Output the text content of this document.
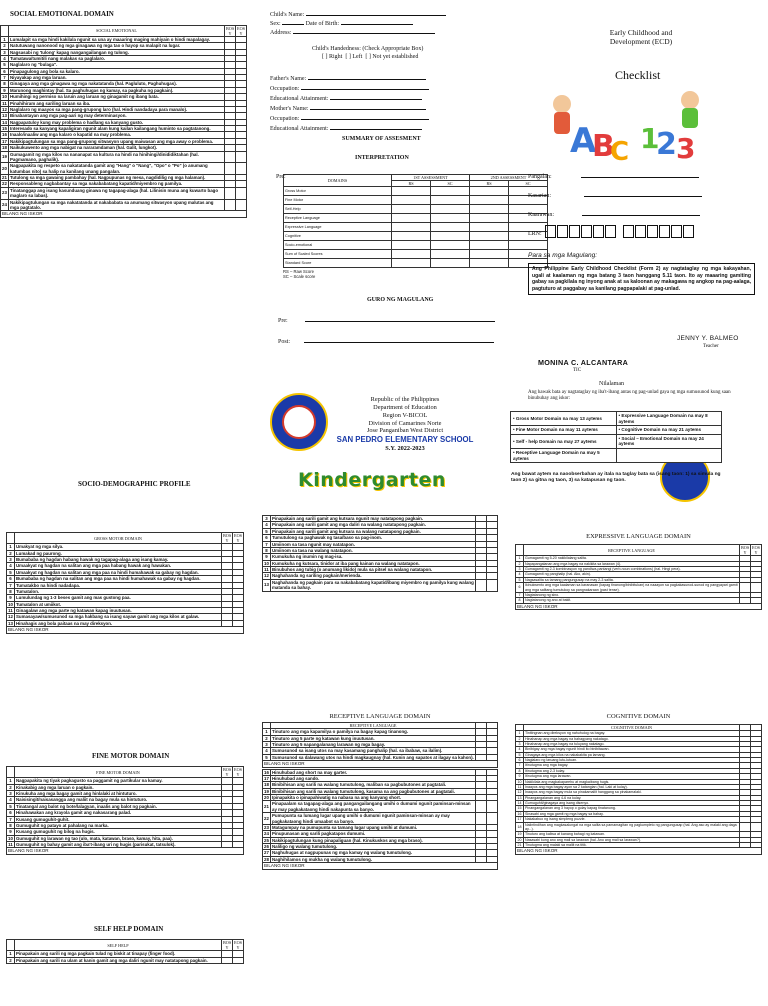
SOCIAL EMOTIONAL DOMAIN
	SOCIAL EMOTIONAL	BOS Y	EOS Y
1	Lumalapit sa mga hindi kakilala ngunit sa una ay maaaring maging mahiyain o hindi mapalagay.		
2	Natutuwang nanonood ng mga ginagawa ng mga tao o hayop sa malapit na lugar.		
3	Nagsasabi ng 'tulong' kapag nangangailangan ng tulong.		
4	Tumatawa/tumitili nang malakas sa paglalaro.		
5	Naglalaro ng "bulaga".		
6	Pinapagulong ang bola sa kalaro.		
7	Niyayakap ang mga laruan.		
8	Ginagaya ang mga ginagawa ng mga nakatatanda (hal. Pagluluto, Paghuhugas).		
9	Marunong maghintay (hal. Sa paghuhugas ng kamay, sa pagkuha ng pagkain).		
10	Humihingi ng permiso na laruin ang laruan ng ginagamit ng ibang bata.		
11	Pinahihiram ang sariling laruan sa iba.		
12	Naglalaro ng maayos sa mga pang-grupong laro (hal. Hindi nandadaya para manalo).		
13	Binabantayan ang mga pag-aari ng may determinasyon.		
14	Nagpapatuloy kung may problema o hadlang sa kanyang gusto.		
15	Interesado sa kanyang kapaligiran ngunit alam kung kailan kailangang huminto sa pagtatanong.		
16	Inaalo/inaaliw ang mga kalaro o kapatid na may problema.		
17	Nakikipagtulungan sa mga pang-grupong sitwasyon upang maiwasan ang mga away o problema.		
18	Naikukuwento ang mga nabigat na nararamdaman (hal. Galit, lungkot).		
19	Gumagamit ng mga kilos na nananapat sa kultura na hindi na hinihingi/dinididiktahan (hal. Pagmamano, paghalik).		
20	Nagpapakita ng respeto sa nakatatanda gamit ang "Hang" o "Nang", "Opo" o "Po" (o anumang katumbas nito) sa halip na kanilang unang pangalan.		
21	Tutulong sa mga gawaing pambahay (hal. Nagpupunas ng mesa, nagdidilig ng mga halaman).		
22	Responsableng nagbabantay sa mga nakababatang kapatid/miyembro ng pamilya.		
23	Tinatanggap ang isang kasunduang ginawa ng tagapag-alaga (hal. Lilinisin muna ang kuwarto bago maglaro sa labas).		
24	Nakikipagtulungan sa mga nakatatanda at nakababata sa anumang sitwasyon upang malutas ang mga pagtatalo.		
BILANG NG ISKOR
SOCIO-DEMOGRAPHIC PROFILE
	GROSS MOTOR DOMAIN	BOS Y	EOS Y
1	Umakyat ng mga silya.		
2	Lumakad ng paurong.		
3	Bumababa ng hagdan habang hawak ng tagapag-alaga ang isang kamay.		
4	Umaakyat ng hagdan na salitan ang mga paa habang hawak ang hawakan.		
5	Umaakyat ng hagdan na salitan ang mga paa na hindi humahawak sa gabay ng hagdan.		
6	Bumababa ng hagdan na salitan ang mga paa na hindi humahawak sa gabay ng hagdan.		
7	Tumatakbo na hindi nadadapa.		
8	Tumatalon.		
9	Lumulundag ng 1-3 beses gamit ang mas gustong paa.		
10	Tumatalon at umiikot.		
11	Ginagalaw ang mga parte ng katawan kapag inuutusan.		
12	Sumasayaw/sumusunod sa mga hakbang sa isang sayaw gamit ang mga kilos at galaw.		
13	Hinahagis ang bola paitaas na may direksyon.		
BILANG NG ISKOR
FINE MOTOR DOMAIN
	FINE MOTOR DOMAIN	BOS Y	EOS Y
1	Nagpapakita ng tiyak pagkagusto sa paggamit ng partikular na kamay.		
2	Kinakabig ang mga laruan o pagkain.		
3	Kinukuha ang mga bagay gamit ang hinlalaki at hintuturo.		
4	Naisisingit/naisasangga ang maliit na bagay mula sa hintuturo.		
5	Tinatangal ang balot ng bote/lalagyan, inaalis ang balot ng pagkain.		
6	Hinahawakan ang krayola gamit ang nakasarang palad.		
7	Kusang gumuguhit-guhit.		
8	Gumuguhit ng patayo at pahalang na marka.		
9	Kusang gumuguhit ng bilog na hugis.		
10	Gumuguhit ng larawan ng tao (ulo, mata, katawan, braso, kamay, hita, paa).		
11	Gumuguhit ng bahay gamit ang iba't-ibang uri ng hugis (parisukat, tatsulok).		
BILANG NG ISKOR
SELF HELP DOMAIN
	SELF HELP	BOS Y	EOS Y
1	Pinapakain ang sarili ng mga pagkain tulad ng biskit at tinapay (finger food).		
2	Pinapakain ang sarili na ulam at kanin gamit ang mga daliri ngunit may natatapong pagkain.		
Child's Name:
Sex:	Date of Birth:
Address:
Child's Handedness: (Check Appropriate Box)
[ ] Right [ ] Left [ ] Not yet established
Father's Name:
Occupation:
Educational Attainment:
Mother's Name:
Occupation:
Educational Attainment:
SUMMARY OF ASSESMENT
INTERPRETATION
Pre:
DOMAINS	1ST ASSESSMENT		2ND ASSESSMENT	
	RS	SC	RS	SC
Gross Motor				
Fine Motor				
Self-Help				
Receptive Language				
Expressive Language				
Cognitive				
Socio-emotional				
Sum of Scaled Scores				
Standard Score				
RS – Raw Score
SC – Scale score
GURO NG MAGULANG
Pre:
Post:
Republic of the Philippines
Department of Education
Region V-BICOL
Division of Camarines Norte
Jose Panganiban West District
SAN PEDRO ELEMENTARY SCHOOL
S.Y. 2022-2023
Kindergarten
Early Childhood and Development (ECD)
Checklist
A
B
C 1
2 3
Pangalan:
Kasarian:
Kaarawan:
LRN:
Para sa mga Magulang:
Ang Philippine Early Childhood Checklist (Form 2) ay nagtataglay ng mga kakayahan, ugali at kaalaman ng mga batang 3 taon hanggang 5.11 taon. Ito ay maaaring gamiting gabay sa pagkilala ng inyong anak at sa kaloonan ay makagawa ng angkop na pag-aalaga, pagtuturo at paggabay sa kanilang pagpapalaki at pag-unlad.
JENNY Y. BALMEO
Teacher
MONINA C. ALCANTARA
TIC
Nilalaman
Ang hawak bata ay nagtataglay ng iba't-ibang antas ng pag-unlad gaya ng mga sumusunod kung saan binubuhay ang iskor:
• Gross Motor Domain na may 13 aytems	• Expressive Language Domain na may 8 aytems
• Fine Motor Domain na may 11 aytems	• Cognitive Domain na may 21 aytems
• Self - help Domain na may 27 aytems	• Social – Emotional Domain na may 24 aytems
• Receptive Language Domain na may 5 aytems	
Ang bawat aytem na naoobserbahan ay itala na taglay bata sa (isang taon: 1) sa simula ng taon 2) sa gitna ng taon, 3) sa katapusan ng taon.
3	Pinapakain ang sarili gamit ang kutsara ngunit may natatapong pagkain.		
4	Pinapakain ang sarili gamit ang mga daliri na walang natatapong pagkain.		
5	Pinapakain ang sarili gamit ang kutsara na walang natatapong pagkain.		
6	Tumutulong sa paghawak ng tasa/baso sa pag-inom.		
7	Umiinom sa tasa ngunit may natatapon.		
8	Umiinom sa tasa na walang natatapon.		
9	Kumukuha ng inumin ng mag-isa.		
10	Kumukuha ng kutsara, tinidor at iba pang kainan na walang natatapon.		
11	Binubuhos ang tubig (o anumang likido) mula sa pitsel na walang natatapon.		
12	Naghahanda ng sariling pagkain/merienda.		
13	Naghahanda ng pagkain para sa nakababatang kapatid/ibang miyembro ng pamilya kung walang matanda sa bahay.		
RECEPTIVE LANGUAGE DOMAIN
	RECEPTIVE LANGUAGE		
1	Tinuturo ang mga kapamilya o pamilya na bagay kapag tinanong.		
2	Tinuturo ang 5 parte ng katawan kung inuutusan.		
3	Tinuturo ang 5 napangalanang larawan ng mga bagay.		
4	Sumusunod sa isang utos na may kasamang panghalip (hal. sa ibabaw, sa ilalim).		
5	Sumusunod sa dalawang utos na hindi magkaugnay (hal. Kunin ang sapatos at ilagay sa kahon).		
BILANG NG ISKOR
16	Hinuhubad ang short na may garter.		
17	Hinuhubad ang sando.		
18	Binibihisan ang sarili na walang tumutulong, maliban sa pagbubutones at pagtatali.		
19	Binibihisan ang sarili na walang tumutulong, kasama na ang pagbubutones at pagtatali.		
20	Ipinapakita o ipinapahiwatig na nabasa na ang kanyang short.		
21	Pinapaalam sa tagapag-alaga ang pangangailangang umihi o dumumi ngunit paminsan-minsan ay may pagkakataong hindi nakapunta sa banyo.		
22	Pumupunta sa lumang lugar upang umihi o dumumi ngunit paminsan-minsan ay may pagkakataong hindi umaabot sa banyo.		
23	Matagumpay na pumupunta sa tamang lugar upang umihi at dumumi.		
24	Pinupunasan ang sarili pagkatapos dumumi.		
25	Nakikipagtulungan kung pinapaliguan (hal. Kinukuskos ang mga braso).		
26	Naliligo ng walang tumutulong.		
27	Naghuhugas at nagpupunas ng mga kamay ng walang tumutulong.		
28	Naghihilamos ng mukha ng walang tumutulong.		
BILANG NG ISKOR
EXPRESSIVE LANGUAGE DOMAIN
	RECEPTIVE LANGUAGE	BOS Y	EOS Y
1	Gumagamit ng 5-20 nakikilalang salita.		
2	Napapangalanan ang mga bagay na nakikita sa larawan (4).		
3	Gumagamit ng 2-3 kombinasyon ng pandiwa-pantangi (verb-noun combinations) (hal. Hingi pera).		
4	Gumagamit ng panghalip (hal. Ako, akin).		
5	Nagsasalita sa tamang pangungusap na may 2-3 salita.		
6	Ikinukwento ang mga kaalaman sa karanasan (kapag tinanong/binibitukan) na naaayon sa pagkakasunod-sunod ng pangyayari gamit ang mga salitang tumutukoy sa pangnakaraan (past tense).		
7	Nagtatanong ng sino.		
8	Nagtatanong ng ano at bakit.		
BILANG NG ISKOR
COGNITIVE DOMAIN
	COGNITIVE DOMAIN		
1	Tinitingnan ang direksyon ng nahuhulog na bagay.		
2	Hinahanap ang mga bagay na bahagyang nakatago.		
3	Hinahanap ang mga bagay na tuluyang nakatago.		
4	Binibigay ang mga bagay ngunit hindi ito binibitawan.		
5	Ginagaya ang mga kilos na nakakakita pa lamang.		
6	Naglalaro ng laruang lutu-lutuan.		
7	Itinutugma ang mga bagay.		
8	Itinutugma ang 2-3 kulay.		
9	Itinutugma ang mga larawan.		
10	Nakikilala ang magkakaparehu at magkaibang hugis.		
11	Inaayos ang mga bagay ayon sa 2 katangian (hal. Laki at kulay).		
12	Inaayos ang mga bagay mula sa pinakamaliit hanggang sa pinakamalaki.		
13	Pinangangalanan ang 4-6 na kulay.		
14	Gumuguhit/ginagaya ang isang disenyo.		
15	Pinangangalanan ang 3 hayop o gulay kapag tinatanong.		
16	Sinasabi ang mga gamit ng mga bagay sa bahay.		
17	Nakakabuo ng isang simpleng puzzle.		
18	Naiintindihan ang magkasalungat na mga salita sa pamamagitan ng pagkumpleto ng pangungusap (hal. Ang aso ay malaki ang daga ay...).		
19	Tinuturo ang kaliwa at kanang bahagi ng katawan.		
20	Nasasabi kung ano ang mali sa larawan (hal. Ano ang mali sa larawan?).		
21	Tinutugma ang malaki sa maliit na titik.		
BILANG NG ISKOR
